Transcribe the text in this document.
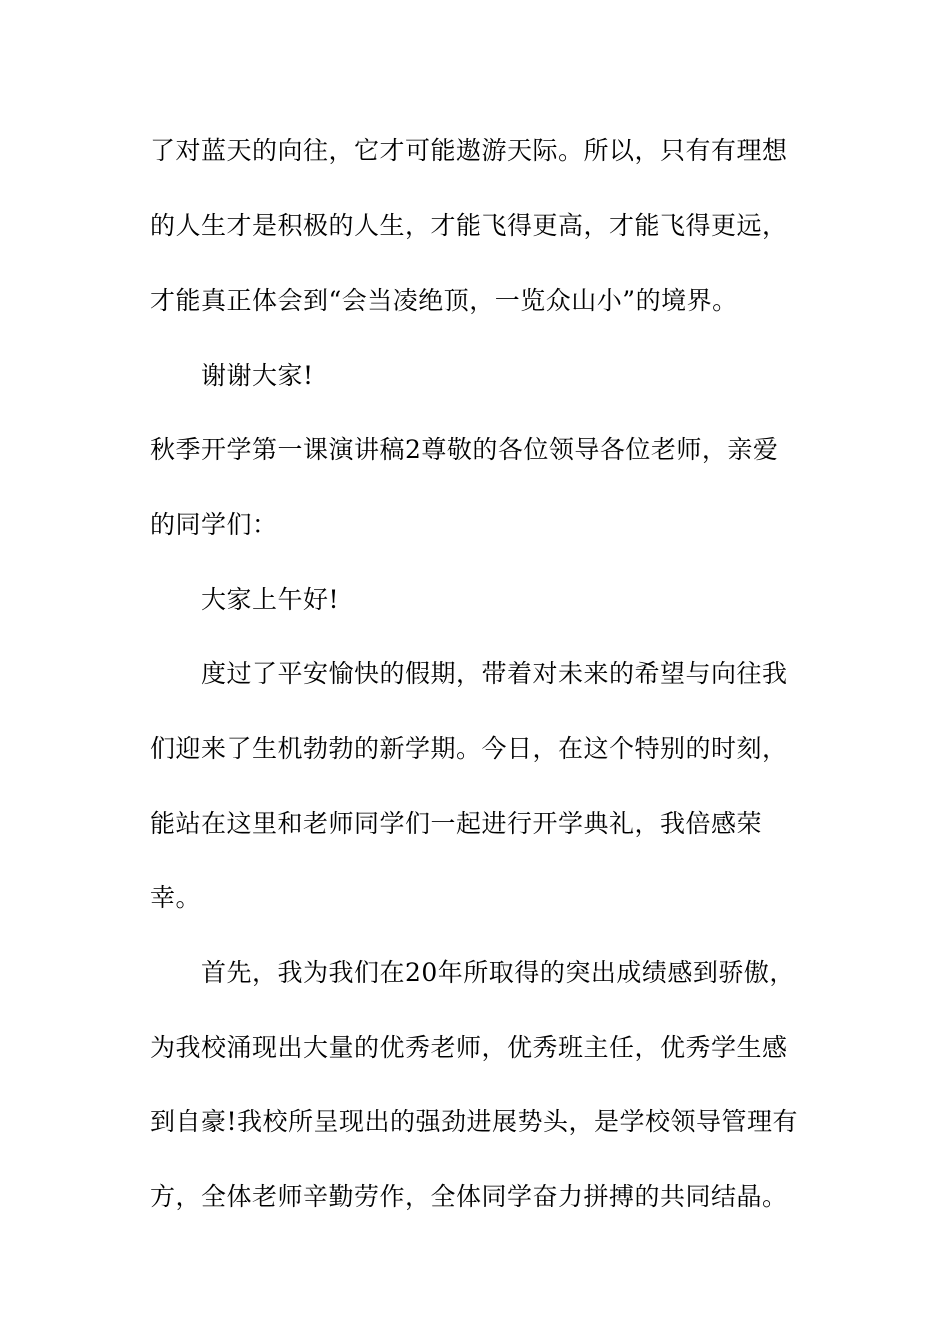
了对蓝天的向往，它才可能遨游天际。所以，只有有理想
的人生才是积极的人生，才能飞得更高，才能飞得更远，
才能真正体会到“会当凌绝顶，一览众山小”的境界。
谢谢大家!
秋季开学第一课演讲稿2尊敬的各位领导各位老师，亲爱
的同学们：
大家上午好!
度过了平安愉快的假期，带着对未来的希望与向往我
们迎来了生机勃勃的新学期。今日，在这个特别的时刻，
能站在这里和老师同学们一起进行开学典礼，我倍感荣
幸。
首先，我为我们在20年所取得的突出成绩感到骄傲，
为我校涌现出大量的优秀老师，优秀班主任，优秀学生感
到自豪!我校所呈现出的强劲进展势头，是学校领导管理有
方，全体老师辛勤劳作，全体同学奋力拼搏的共同结晶。
